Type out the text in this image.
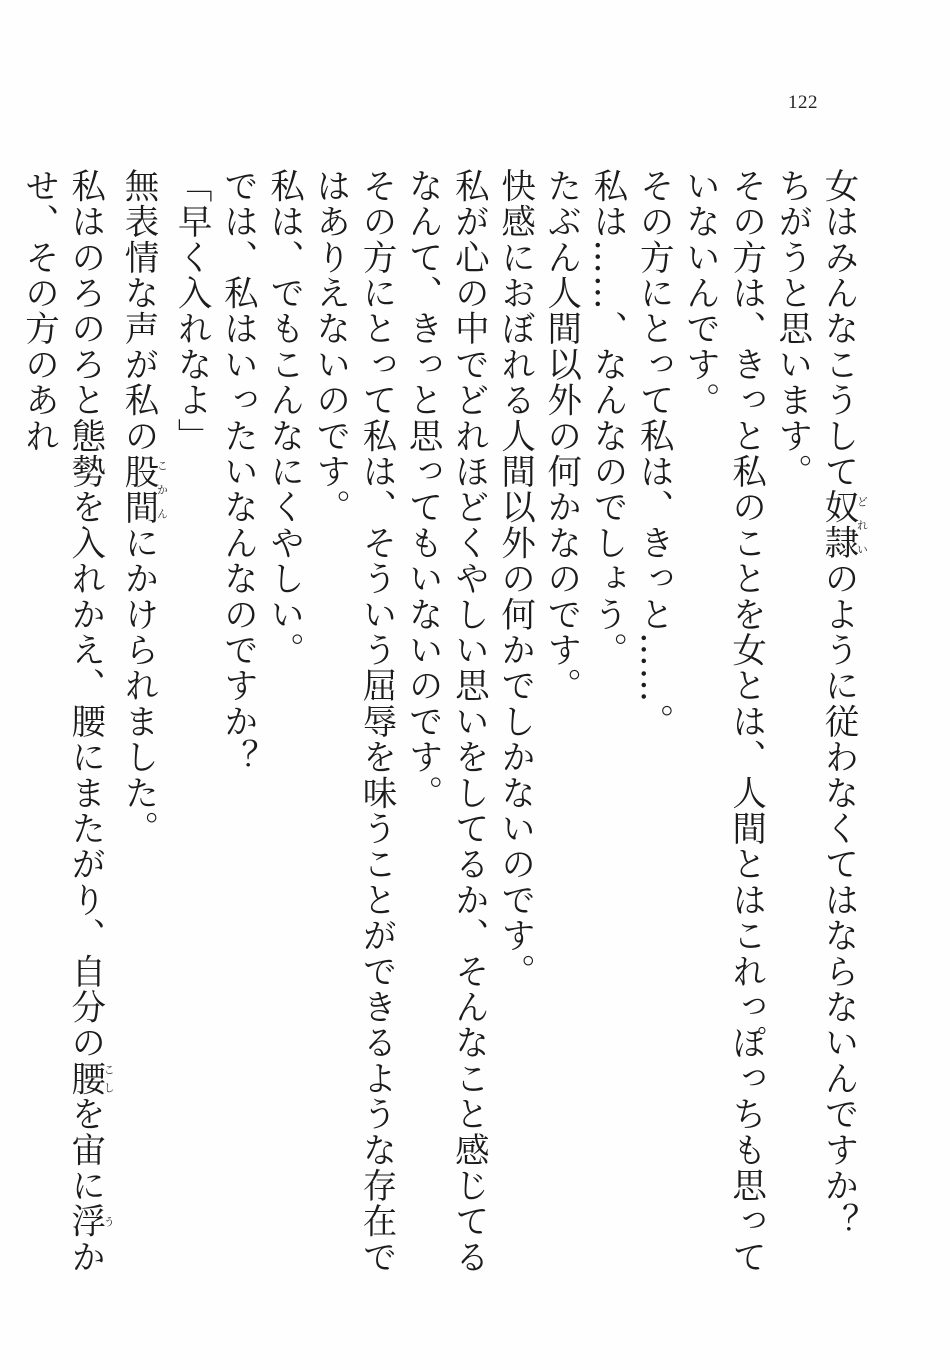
122

女はみんなこうして奴隷どれいのように従わなくてはならないんですか？

ちがうと思います。

その方は、きっと私のことを女とは、人間とはこれっぽっちも思っていないんです。

その方にとって私は、きっと……。

私は……、なんなのでしょう。

たぶん人間以外の何かなのです。

快感におぼれる人間以外の何かでしかないのです。

私が心の中でどれほどくやしい思いをしてるか、そんなこと感じてるなんて、きっと思ってもいないのです。

その方にとって私は、そういう屈辱を味うことができるような存在ではありえないのです。

私は、でもこんなにくやしい。

では、私はいったいなんなのですか？

「早く入れなよ」

無表情な声が私の股間こかんにかけられました。

私はのろのろと態勢を入れかえ、腰にまたがり、自分の腰こしを宙に浮うかせ、その方のあれ
